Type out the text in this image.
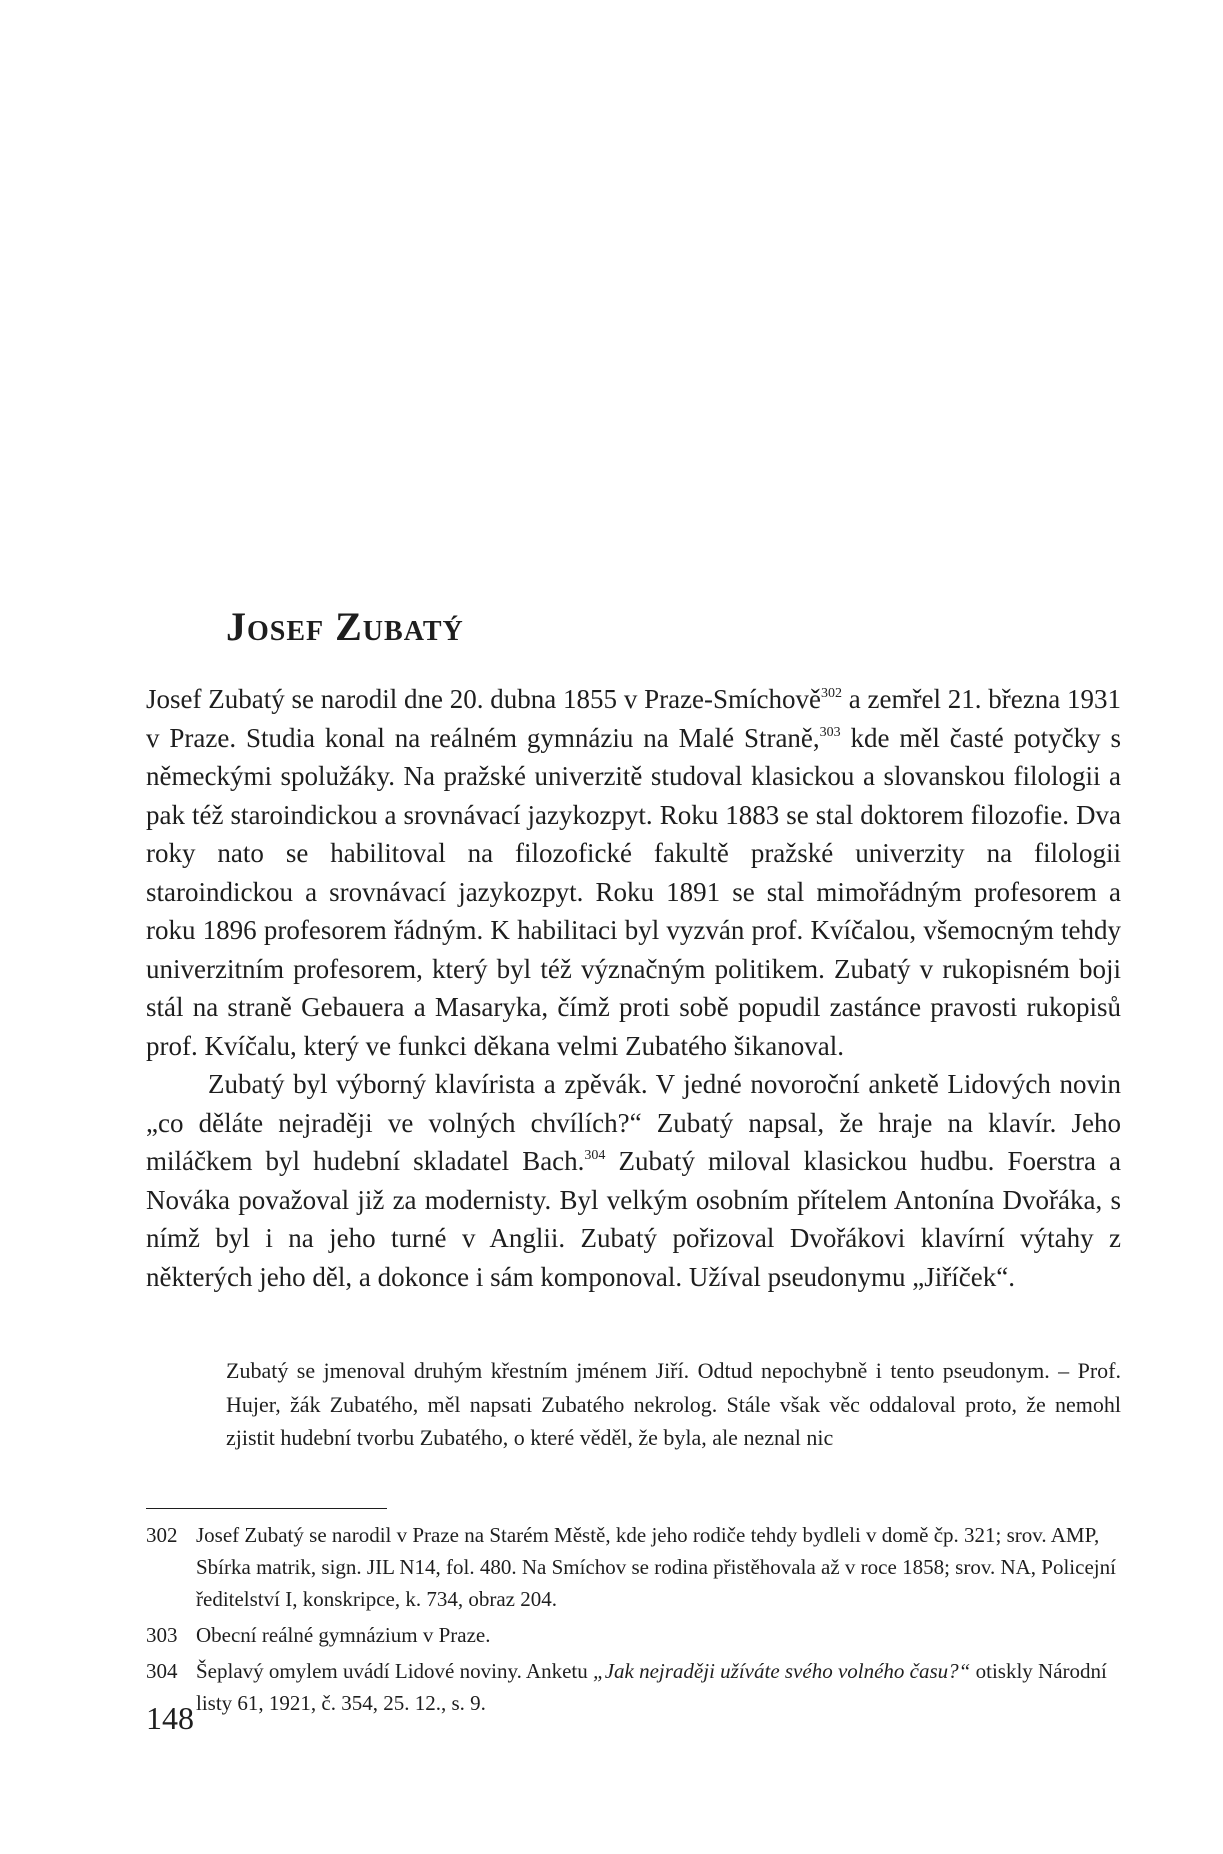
Josef Zubatý

Josef Zubatý se narodil dne 20. dubna 1855 v Praze-Smíchově$^{302}$ a zemřel 21. března 1931 v Praze. Studia konal na reálném gymnáziu na Malé Straně,$^{303}$ kde měl časté potyčky s německými spolužáky. Na pražské univerzitě studoval klasickou a slovanskou filologii a pak též staroindickou a srovnávací jazykozpyt. Roku 1883 se stal doktorem filozofie. Dva roky nato se habilitoval na filozofické fakultě pražské univerzity na filologii staroindickou a srovnávací jazykozpyt. Roku 1891 se stal mimořádným profesorem a roku 1896 profesorem řádným. K habilitaci byl vyzván prof. Kvíčalou, všemocným tehdy univerzitním profesorem, který byl též význačným politikem. Zubatý v rukopisném boji stál na straně Gebauera a Masaryka, čímž proti sobě popudil zastánce pravosti rukopisů prof. Kvíčalu, který ve funkci děkana velmi Zubatého šikanoval.

Zubatý byl výborný klavírista a zpěvák. V jedné novoroční anketě Lidových novin „co děláte nejraději ve volných chvílích?“ Zubatý napsal, že hraje na klavír. Jeho miláčkem byl hudební skladatel Bach.$^{304}$ Zubatý miloval klasickou hudbu. Foerstra a Nováka považoval již za modernisty. Byl velkým osobním přítelem Antonína Dvořáka, s nímž byl i na jeho turné v Anglii. Zubatý pořizoval Dvořákovi klavírní výtahy z některých jeho děl, a dokonce i sám komponoval. Užíval pseudonymu „Jiříček“.

Zubatý se jmenoval druhým křestním jménem Jiří. Odtud nepochybně i tento pseudonym. – Prof. Hujer, žák Zubatého, měl napsati Zubatého nekrolog. Stále však věc oddaloval proto, že nemohl zjistit hudební tvorbu Zubatého, o které věděl, že byla, ale neznal nic

302 Josef Zubatý se narodil v Praze na Starém Městě, kde jeho rodiče tehdy bydleli v domě čp. 321; srov. AMP, Sbírka matrik, sign. JIL N14, fol. 480. Na Smíchov se rodina přistěhovala až v roce 1858; srov. NA, Policejní ředitelství I, konskripce, k. 734, obraz 204.
303 Obecní reálné gymnázium v Praze.
304 Šeplavý omylem uvádí Lidové noviny. Anketu „Jak nejraději užíváte svého volného času?“ otiskly Národní listy 61, 1921, č. 354, 25. 12., s. 9.
148
